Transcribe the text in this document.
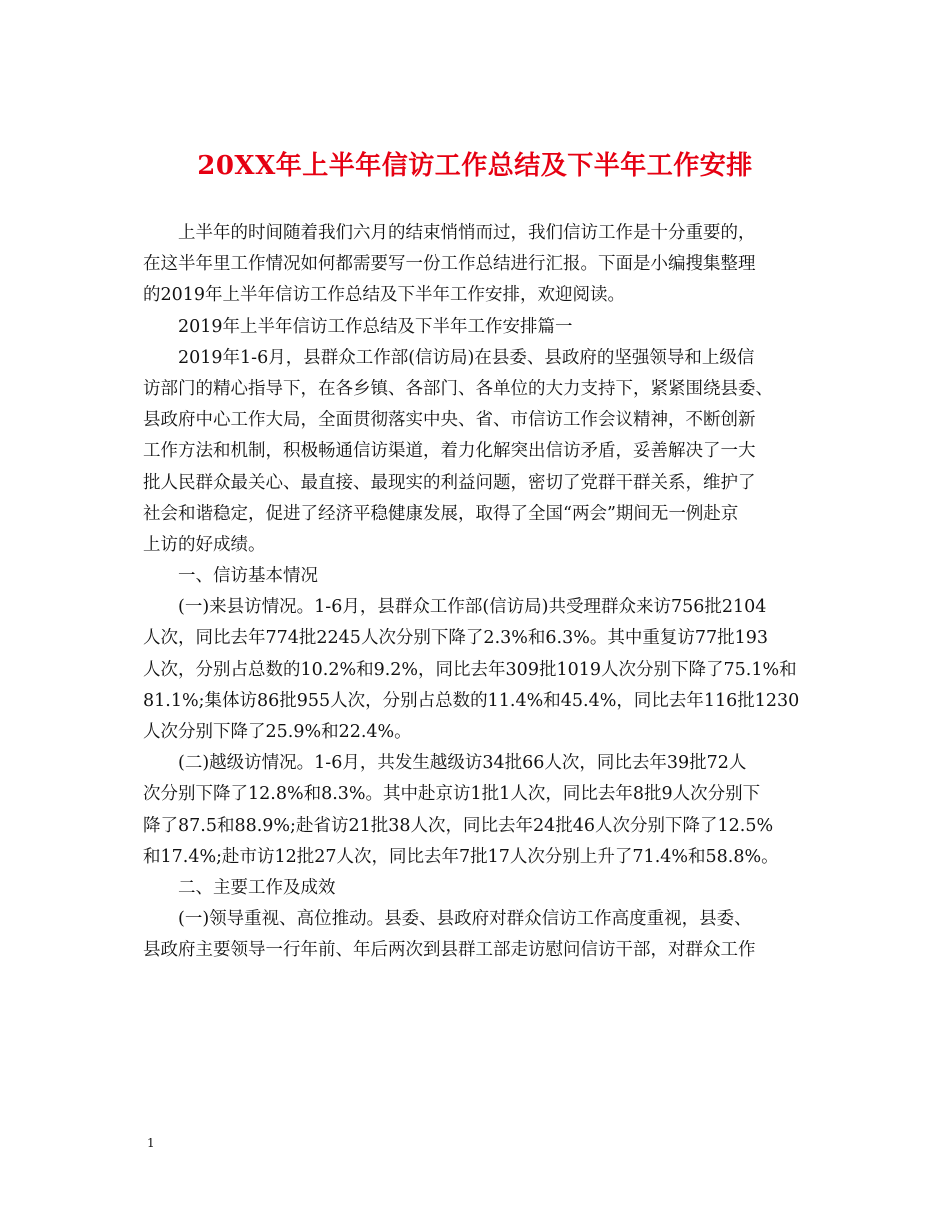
20XX年上半年信访工作总结及下半年工作安排
上半年的时间随着我们六月的结束悄悄而过，我们信访工作是十分重要的，
在这半年里工作情况如何都需要写一份工作总结进行汇报。下面是小编搜集整理
的2019年上半年信访工作总结及下半年工作安排，欢迎阅读。
2019年上半年信访工作总结及下半年工作安排篇一
2019年1-6月，县群众工作部(信访局)在县委、县政府的坚强领导和上级信
访部门的精心指导下，在各乡镇、各部门、各单位的大力支持下，紧紧围绕县委、
县政府中心工作大局，全面贯彻落实中央、省、市信访工作会议精神，不断创新
工作方法和机制，积极畅通信访渠道，着力化解突出信访矛盾，妥善解决了一大
批人民群众最关心、最直接、最现实的利益问题，密切了党群干群关系，维护了
社会和谐稳定，促进了经济平稳健康发展，取得了全国“两会”期间无一例赴京
上访的好成绩。
一、信访基本情况
(一)来县访情况。1-6月，县群众工作部(信访局)共受理群众来访756批2104
人次，同比去年774批2245人次分别下降了2.3%和6.3%。其中重复访77批193
人次，分别占总数的10.2%和9.2%，同比去年309批1019人次分别下降了75.1%和
81.1%;集体访86批955人次，分别占总数的11.4%和45.4%，同比去年116批1230
人次分别下降了25.9%和22.4%。
(二)越级访情况。1-6月，共发生越级访34批66人次，同比去年39批72人
次分别下降了12.8%和8.3%。其中赴京访1批1人次，同比去年8批9人次分别下
降了87.5和88.9%;赴省访21批38人次，同比去年24批46人次分别下降了12.5%
和17.4%;赴市访12批27人次，同比去年7批17人次分别上升了71.4%和58.8%。
二、主要工作及成效
(一)领导重视、高位推动。县委、县政府对群众信访工作高度重视，县委、
县政府主要领导一行年前、年后两次到县群工部走访慰问信访干部，对群众工作
1
